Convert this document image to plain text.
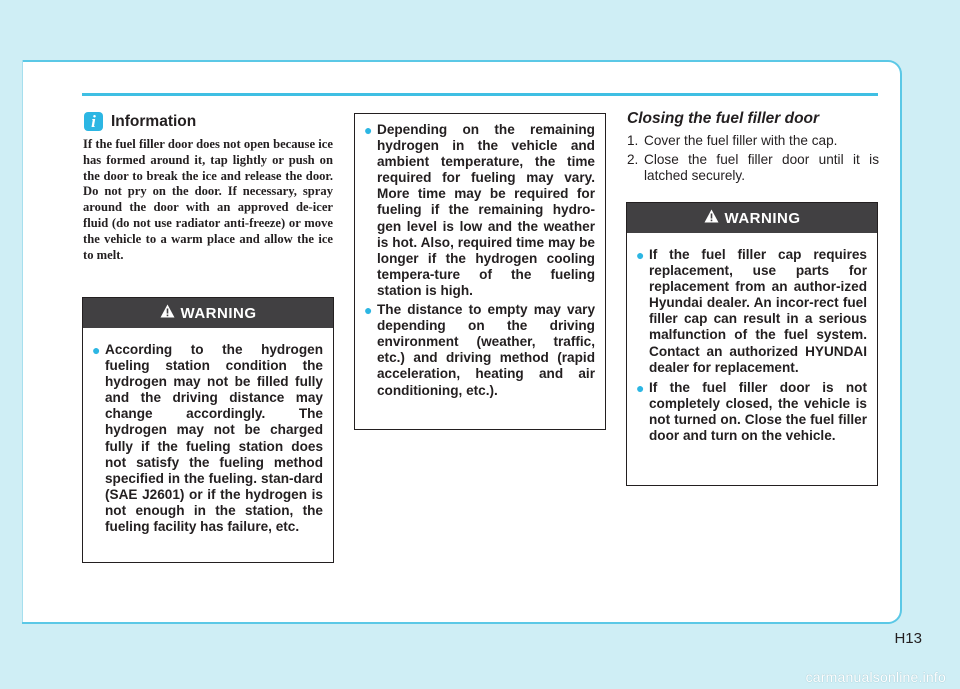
i Information
If the fuel filler door does not open because ice has formed around it, tap lightly or push on the door to break the ice and release the door. Do not pry on the door. If necessary, spray around the door with an approved de-icer fluid (do not use radiator anti-freeze) or move the vehicle to a warm place and allow the ice to melt.
WARNING
● According to the hydrogen fueling station condition the hydrogen may not be filled fully and the driving distance may change accordingly. The hydrogen may not be charged fully if the fueling station does not satisfy the fueling method specified in the fueling. stan-dard (SAE J2601) or if the hydrogen is not enough in the station, the fueling facility has failure, etc.
● Depending on the remaining hydrogen in the vehicle and ambient temperature, the time required for fueling may vary. More time may be required for fueling if the remaining hydro-gen level is low and the weather is hot. Also, required time may be longer if the hydrogen cooling tempera-ture of the fueling station is high.
● The distance to empty may vary depending on the driving environment (weather, traffic, etc.) and driving method (rapid acceleration, heating and air conditioning, etc.).
Closing the fuel filler door
1. Cover the fuel filler with the cap.
2. Close the fuel filler door until it is latched securely.
WARNING
● If the fuel filler cap requires replacement, use parts for replacement from an author-ized Hyundai dealer. An incor-rect fuel filler cap can result in a serious malfunction of the fuel system. Contact an authorized HYUNDAI dealer for replacement.
● If the fuel filler door is not completely closed, the vehicle is not turned on. Close the fuel filler door and turn on the vehicle.
H13
carmanualsonline.info
